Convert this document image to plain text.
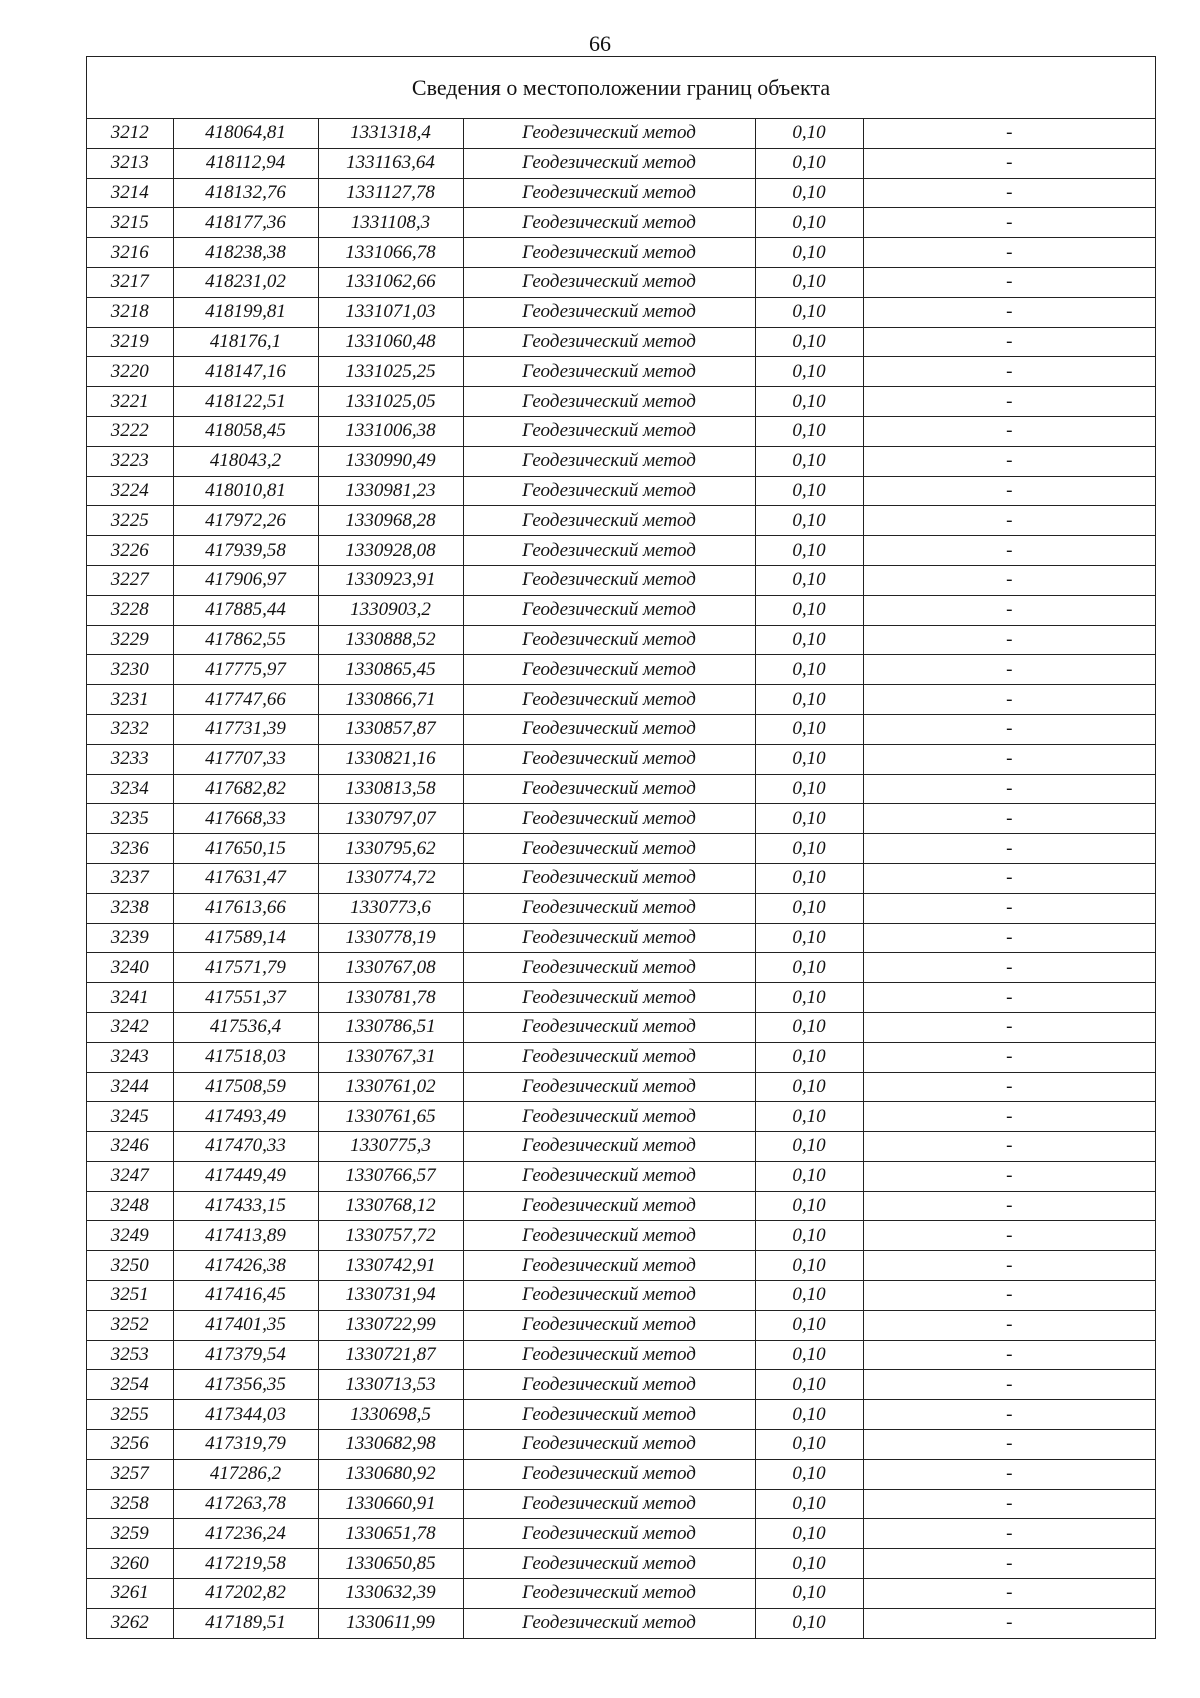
66
Сведения о местоположении границ объекта
3212	418064,81	1331318,4	Геодезический метод	0,10	-
3213	418112,94	1331163,64	Геодезический метод	0,10	-
3214	418132,76	1331127,78	Геодезический метод	0,10	-
3215	418177,36	1331108,3	Геодезический метод	0,10	-
3216	418238,38	1331066,78	Геодезический метод	0,10	-
3217	418231,02	1331062,66	Геодезический метод	0,10	-
3218	418199,81	1331071,03	Геодезический метод	0,10	-
3219	418176,1	1331060,48	Геодезический метод	0,10	-
3220	418147,16	1331025,25	Геодезический метод	0,10	-
3221	418122,51	1331025,05	Геодезический метод	0,10	-
3222	418058,45	1331006,38	Геодезический метод	0,10	-
3223	418043,2	1330990,49	Геодезический метод	0,10	-
3224	418010,81	1330981,23	Геодезический метод	0,10	-
3225	417972,26	1330968,28	Геодезический метод	0,10	-
3226	417939,58	1330928,08	Геодезический метод	0,10	-
3227	417906,97	1330923,91	Геодезический метод	0,10	-
3228	417885,44	1330903,2	Геодезический метод	0,10	-
3229	417862,55	1330888,52	Геодезический метод	0,10	-
3230	417775,97	1330865,45	Геодезический метод	0,10	-
3231	417747,66	1330866,71	Геодезический метод	0,10	-
3232	417731,39	1330857,87	Геодезический метод	0,10	-
3233	417707,33	1330821,16	Геодезический метод	0,10	-
3234	417682,82	1330813,58	Геодезический метод	0,10	-
3235	417668,33	1330797,07	Геодезический метод	0,10	-
3236	417650,15	1330795,62	Геодезический метод	0,10	-
3237	417631,47	1330774,72	Геодезический метод	0,10	-
3238	417613,66	1330773,6	Геодезический метод	0,10	-
3239	417589,14	1330778,19	Геодезический метод	0,10	-
3240	417571,79	1330767,08	Геодезический метод	0,10	-
3241	417551,37	1330781,78	Геодезический метод	0,10	-
3242	417536,4	1330786,51	Геодезический метод	0,10	-
3243	417518,03	1330767,31	Геодезический метод	0,10	-
3244	417508,59	1330761,02	Геодезический метод	0,10	-
3245	417493,49	1330761,65	Геодезический метод	0,10	-
3246	417470,33	1330775,3	Геодезический метод	0,10	-
3247	417449,49	1330766,57	Геодезический метод	0,10	-
3248	417433,15	1330768,12	Геодезический метод	0,10	-
3249	417413,89	1330757,72	Геодезический метод	0,10	-
3250	417426,38	1330742,91	Геодезический метод	0,10	-
3251	417416,45	1330731,94	Геодезический метод	0,10	-
3252	417401,35	1330722,99	Геодезический метод	0,10	-
3253	417379,54	1330721,87	Геодезический метод	0,10	-
3254	417356,35	1330713,53	Геодезический метод	0,10	-
3255	417344,03	1330698,5	Геодезический метод	0,10	-
3256	417319,79	1330682,98	Геодезический метод	0,10	-
3257	417286,2	1330680,92	Геодезический метод	0,10	-
3258	417263,78	1330660,91	Геодезический метод	0,10	-
3259	417236,24	1330651,78	Геодезический метод	0,10	-
3260	417219,58	1330650,85	Геодезический метод	0,10	-
3261	417202,82	1330632,39	Геодезический метод	0,10	-
3262	417189,51	1330611,99	Геодезический метод	0,10	-
